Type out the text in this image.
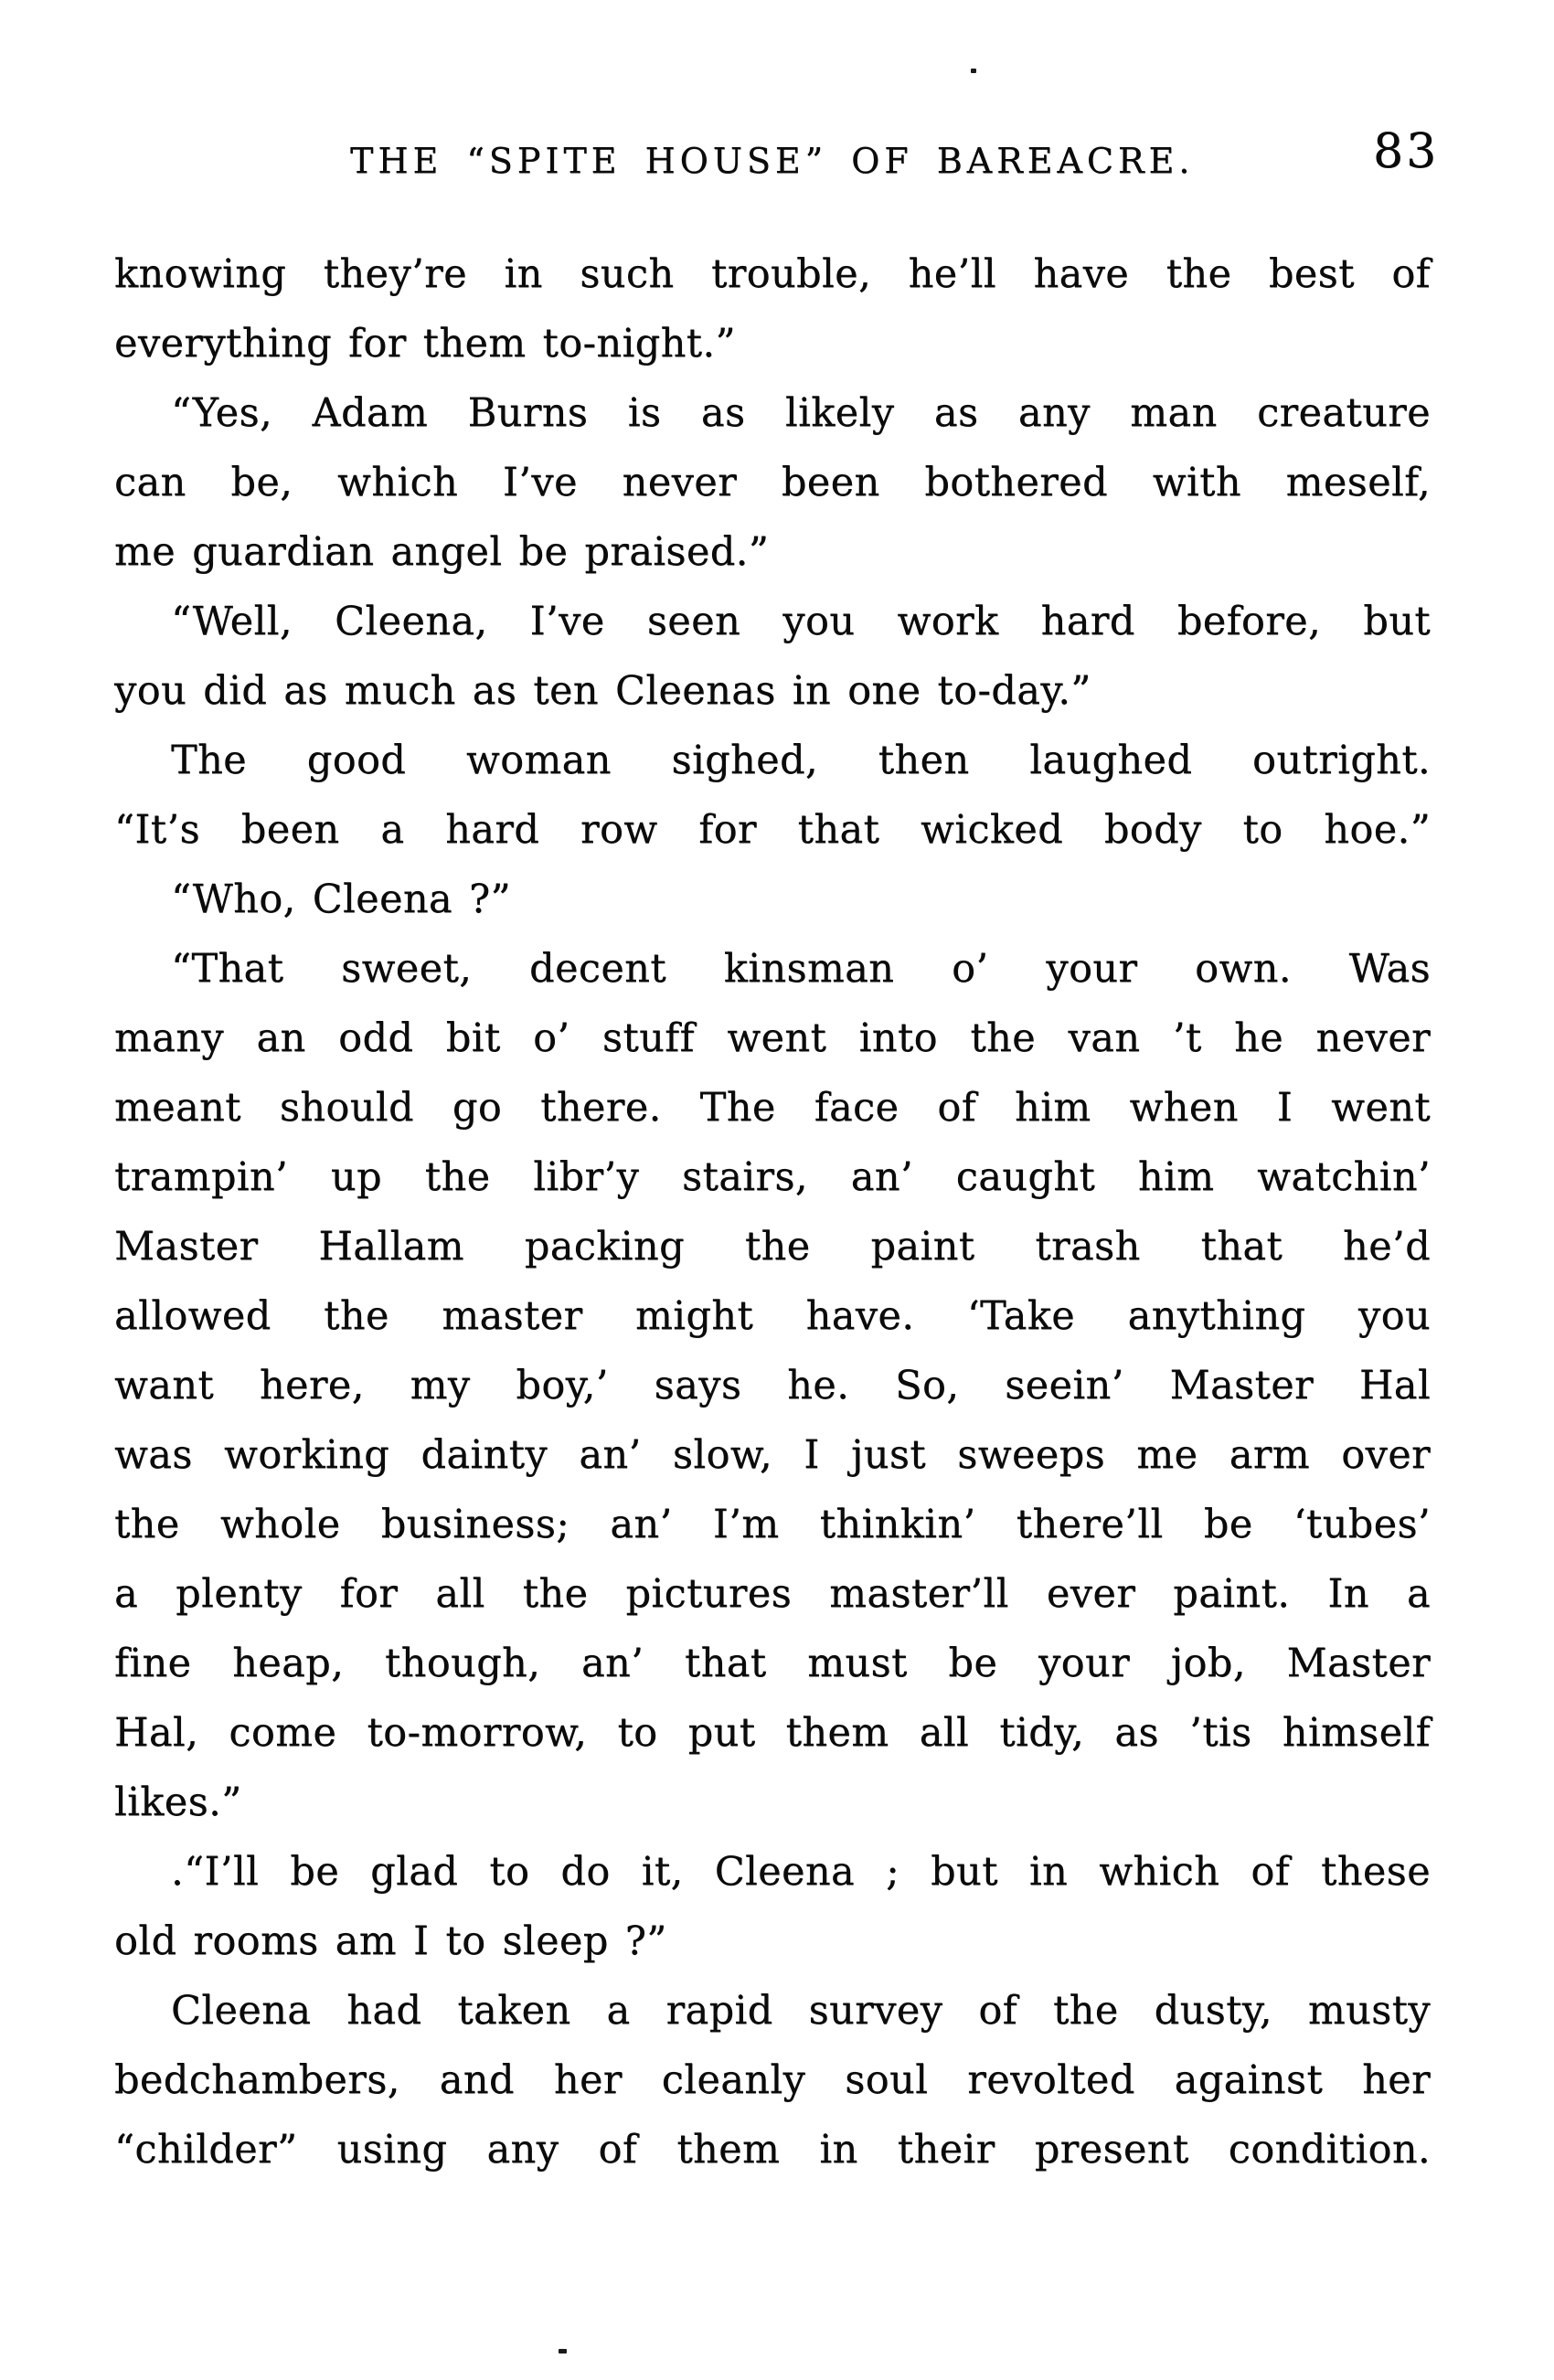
THE “SPITE HOUSE” OF BAREACRE.	83
knowing they’re in such trouble, he’ll have the best of
everything for them to-night.”
“Yes, Adam Burns is as likely as any man creature
can be, which I’ve never been bothered with meself,
me guardian angel be praised.”
“Well, Cleena, I’ve seen you work hard before, but
you did as much as ten Cleenas in one to-day.”
The good woman sighed, then laughed outright.
“It’s been a hard row for that wicked body to hoe.”
“Who, Cleena ?”
“That sweet, decent kinsman o’ your own. Was
many an odd bit o’ stuff went into the van ’t he never
meant should go there. The face of him when I went
trampin’ up the libr’y stairs, an’ caught him watchin’
Master Hallam packing the paint trash that he’d
allowed the master might have. ‘Take anything you
want here, my boy,’ says he. So, seein’ Master Hal
was working dainty an’ slow, I just sweeps me arm over
the whole business; an’ I’m thinkin’ there’ll be ‘tubes’
a plenty for all the pictures master’ll ever paint. In a
fine heap, though, an’ that must be your job, Master
Hal, come to-morrow, to put them all tidy, as ’tis himself
likes.”
.“I’ll be glad to do it, Cleena ; but in which of these
old rooms am I to sleep ?”
Cleena had taken a rapid survey of the dusty, musty
bedchambers, and her cleanly soul revolted against her
“childer” using any of them in their present condition.
